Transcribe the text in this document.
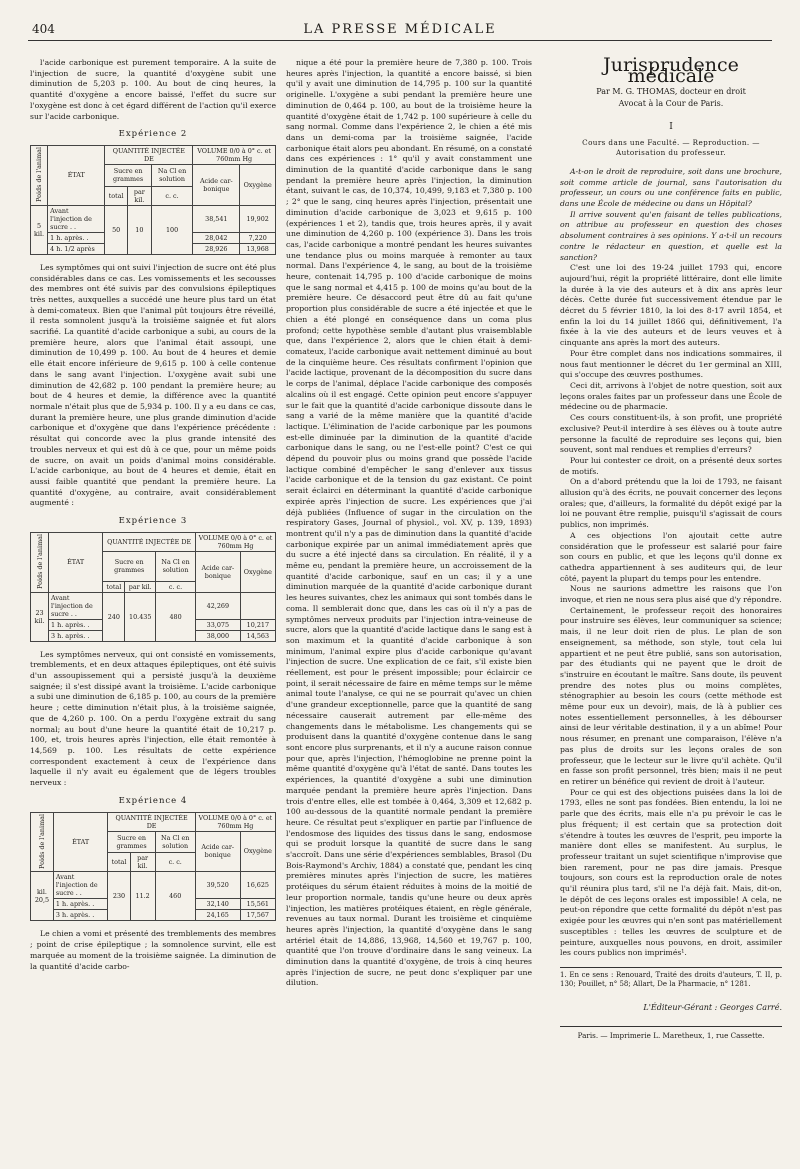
404	LA PRESSE MÉDICALE

l'acide carbonique est purement temporaire. A la suite de l'injection de sucre, la quantité d'oxygène subit une diminution de 5,203 p. 100. Au bout de cinq heures, la quantité d'oxygène a encore baissé, l'effet du sucre sur l'oxygène est donc à cet égard différent de l'action qu'il exerce sur l'acide carbonique.

Expérience 2
Poids de l'animal	ÉTAT	QUANTITÉ INJECTÉE DE			VOLUME 0/0 à 0° c. et 760mm Hg	
		Sucre en grammes		Na Cl en solution	Acide car-bonique	Oxygène
		total	par kil.	c. c.		
5 kil.	Avant l'injection de sucre . .	50	10	100	38,541	19,902
	1 h. après. .				28,042	7,220
	4 h. 1/2 après				28,926	13,968

Les symptômes qui ont suivi l'injection de sucre ont été plus considérables dans ce cas. Les vomissements et les secousses des membres ont été suivis par des convulsions épileptiques très nettes, auxquelles a succédé une heure plus tard un état à demi-comateux. Bien que l'animal pût toujours être réveillé, il resta somnolent jusqu'à la troisième saignée et fut alors sacrifié. La quantité d'acide carbonique a subi, au cours de la première heure, alors que l'animal était assoupi, une diminution de 10,499 p. 100. Au bout de 4 heures et demie elle était encore inférieure de 9,615 p. 100 à celle contenue dans le sang avant l'injection. L'oxygène avait subi une diminution de 42,682 p. 100 pendant la première heure; au bout de 4 heures et demie, la différence avec la quantité normale n'était plus que de 5,934 p. 100. Il y a eu dans ce cas, durant la première heure, une plus grande diminution d'acide carbonique et d'oxygène que dans l'expérience précédente : résultat qui concorde avec la plus grande intensité des troubles nerveux et qui est dû à ce que, pour un même poids de sucre, on avait un poids d'animal moins considérable. L'acide carbonique, au bout de 4 heures et demie, était en aussi faible quantité que pendant la première heure. La quantité d'oxygène, au contraire, avait considérablement augmenté :

Expérience 3
Poids de l'animal	ÉTAT	QUANTITÉ INJECTÉE DE			VOLUME 0/0 à 0° c. et 760mm Hg	
		Sucre en grammes		Na Cl en solution	Acide car-bonique	Oxygène
		total	par kil.	c. c.		
23 kil.	Avant l'injection de sucre . .	240	10.435	480	42,269	
	1 h. après. .				33,075	10,217
	3 h. après. .				38,000	14,563

Les symptômes nerveux, qui ont consisté en vomissements, tremblements, et en deux attaques épileptiques, ont été suivis d'un assoupissement qui a persisté jusqu'à la deuxième saignée; il s'est dissipé avant la troisième. L'acide carbonique a subi une diminution de 6,185 p. 100, au cours de la première heure ; cette diminution n'était plus, à la troisième saignée, que de 4,260 p. 100. On a perdu l'oxygène extrait du sang normal; au bout d'une heure la quantité était de 10,217 p. 100, et, trois heures après l'injection, elle était remontée à 14,569 p. 100. Les résultats de cette expérience correspondent exactement à ceux de l'expérience dans laquelle il n'y avait eu également que de légers troubles nerveux :

Expérience 4
Poids de l'animal	ÉTAT	QUANTITÉ INJECTÉE DE			VOLUME 0/0 à 0° c. et 760mm Hg	
		Sucre en grammes		Na Cl en solution	Acide car-bonique	Oxygène
		total	par kil.	c. c.		
kil. 20,5	Avant l'injection de sucre . .	230	11.2	460	39,520	16,625
	1 h. après. .				32,140	15,561
	3 h. après. .				24,165	17,567

Le chien a vomi et présenté des tremblements des membres ; point de crise épileptique ; la somnolence survint, elle est marquée au moment de la troisième saignée. La diminution de la quantité d'acide carbo-

nique a été pour la première heure de 7,380 p. 100. Trois heures après l'injection, la quantité a encore baissé, si bien qu'il y avait une diminution de 14,795 p. 100 sur la quantité originelle. L'oxygène a subi pendant la première heure une diminution de 0,464 p. 100, au bout de la troisième heure la quantité d'oxygène était de 1,742 p. 100 supérieure à celle du sang normal. Comme dans l'expérience 2, le chien a été mis dans un demi-coma par la troisième saignée, l'acide carbonique était alors peu abondant. En résumé, on a constaté dans ces expériences : 1° qu'il y avait constamment une diminution de la quantité d'acide carbonique dans le sang pendant la première heure après l'injection, la diminution étant, suivant le cas, de 10,374, 10,499, 9,183 et 7,380 p. 100 ; 2° que le sang, cinq heures après l'injection, présentait une diminution d'acide carbonique de 3,023 et 9,615 p. 100 (expériences 1 et 2), tandis que, trois heures après, il y avait une diminution de 4,260 p. 100 (expérience 3). Dans les trois cas, l'acide carbonique a montré pendant les heures suivantes une tendance plus ou moins marquée à remonter au taux normal. Dans l'expérience 4, le sang, au bout de la troisième heure, contenait 14,795 p. 100 d'acide carbonique de moins que le sang normal et 4,415 p. 100 de moins qu'au bout de la première heure. Ce désaccord peut être dû au fait qu'une proportion plus considérable de sucre a été injectée et que le chien a été plongé en conséquence dans un coma plus profond; cette hypothèse semble d'autant plus vraisemblable que, dans l'expérience 2, alors que le chien était à demi-comateux, l'acide carbonique avait nettement diminué au bout de la cinquième heure. Ces résultats confirment l'opinion que l'acide lactique, provenant de la décomposition du sucre dans le corps de l'animal, déplace l'acide carbonique des composés alcalins où il est engagé. Cette opinion peut encore s'appuyer sur le fait que la quantité d'acide carbonique dissoute dans le sang a varié de la même manière que la quantité d'acide lactique. L'élimination de l'acide carbonique par les poumons est-elle diminuée par la diminution de la quantité d'acide carbonique dans le sang, ou ne l'est-elle point? C'est ce qui dépend du pouvoir plus ou moins grand que possède l'acide lactique combiné d'empêcher le sang d'enlever aux tissus l'acide carbonique et de la tension du gaz existant. Ce point serait éclairci en déterminant la quantité d'acide carbonique expirée après l'injection de sucre. Les expériences que j'ai déjà publiées (Influence of sugar in the circulation on the respiratory Gases, Journal of physiol., vol. XV, p. 139, 1893) montrent qu'il n'y a pas de diminution dans la quantité d'acide carbonique expirée par un animal immédiatement après que du sucre a été injecté dans sa circulation. En réalité, il y a même eu, pendant la première heure, un accroissement de la quantité d'acide carbonique, sauf en un cas; il y a une diminution marquée de la quantité d'acide carbonique durant les heures suivantes, chez les animaux qui sont tombés dans le coma. Il semblerait donc que, dans les cas où il n'y a pas de symptômes nerveux produits par l'injection intra-veineuse de sucre, alors que la quantité d'acide lactique dans le sang est à son maximum et la quantité d'acide carbonique à son minimum, l'animal expire plus d'acide carbonique qu'avant l'injection de sucre. Une explication de ce fait, s'il existe bien réellement, est pour le présent impossible; pour éclaircir ce point, il serait nécessaire de faire en même temps sur le même animal toute l'analyse, ce qui ne se pourrait qu'avec un chien d'une grandeur exceptionnelle, parce que la quantité de sang nécessaire causerait autrement par elle-même des changements dans le métabolisme. Les changements qui se produisent dans la quantité d'oxygène contenue dans le sang sont encore plus surprenants, et il n'y a aucune raison connue pour que, après l'injection, l'hémoglobine ne prenne point la même quantité d'oxygène qu'à l'état de santé. Dans toutes les expériences, la quantité d'oxygène a subi une diminution marquée pendant la première heure après l'injection. Dans trois d'entre elles, elle est tombée à 0,464, 3,309 et 12,682 p. 100 au-dessous de la quantité normale pendant la première heure. Ce résultat peut s'expliquer en partie par l'influence de l'endosmose des liquides des tissus dans le sang, endosmose qui se produit lorsque la quantité de sucre dans le sang s'accroît. Dans une série d'expériences semblables, Brasol (Du Bois-Raymond's Archiv, 1884) a constaté que, pendant les cinq premières minutes après l'injection de sucre, les matières protéiques du sérum étaient réduites à moins de la moitié de leur proportion normale, tandis qu'une heure ou deux après l'injection, les matières protéiques étaient, en règle générale, revenues au taux normal. Durant les troisième et cinquième heures après l'injection, la quantité d'oxygène dans le sang artériel était de 14,886, 13,968, 14,560 et 19,767 p. 100, quantité que l'on trouve d'ordinaire dans le sang veineux. La diminution dans la quantité d'oxygène, de trois à cinq heures après l'injection de sucre, ne peut donc s'expliquer par une dilution.

Jurisprudence médicale
Par M. G. THOMAS, docteur en droit
Avocat à la Cour de Paris.
I
Cours dans une Faculté. — Reproduction. — Autorisation du professeur.

A-t-on le droit de reproduire, soit dans une brochure, soit comme article de journal, sans l'autorisation du professeur, un cours ou une conférence faits en public, dans une École de médecine ou dans un Hôpital?

Il arrive souvent qu'en faisant de telles publications, on attribue au professeur en question des choses absolument contraires à ses opinions. Y a-t-il un recours contre le rédacteur en question, et quelle est la sanction?

C'est une loi des 19-24 juillet 1793 qui, encore aujourd'hui, régit la propriété littéraire, dont elle limite la durée à la vie des auteurs et à dix ans après leur décès. Cette durée fut successivement étendue par le décret du 5 février 1810, la loi des 8-17 avril 1854, et enfin la loi du 14 juillet 1866 qui, définitivement, l'a fixée à la vie des auteurs et de leurs veuves et à cinquante ans après la mort des auteurs.

Pour être complet dans nos indications sommaires, il nous faut mentionner le décret du 1er germinal an XIII, qui s'occupe des œuvres posthumes.

Ceci dit, arrivons à l'objet de notre question, soit aux leçons orales faites par un professeur dans une École de médecine ou de pharmacie.

Ces cours constituent-ils, à son profit, une propriété exclusive? Peut-il interdire à ses élèves ou à toute autre personne la faculté de reproduire ses leçons qui, bien souvent, sont mal rendues et remplies d'erreurs?

Pour lui contester ce droit, on a présenté deux sortes de motifs.

On a d'abord prétendu que la loi de 1793, ne faisant allusion qu'à des écrits, ne pouvait concerner des leçons orales; que, d'ailleurs, la formalité du dépôt exigé par la loi ne pouvant être remplie, puisqu'il s'agissait de cours publics, non imprimés.

A ces objections l'on ajoutait cette autre considération que le professeur est salarié pour faire son cours en public, et que les leçons qu'il donne ex cathedra appartiennent à ses auditeurs qui, de leur côté, payent la plupart du temps pour les entendre.

Nous ne saurions admettre les raisons que l'on invoque, et rien ne nous sera plus aisé que d'y répondre.

Certainement, le professeur reçoit des honoraires pour instruire ses élèves, leur communiquer sa science; mais, il ne leur doit rien de plus. Le plan de son enseignement, sa méthode, son style, tout cela lui appartient et ne peut être publié, sans son autorisation, par des étudiants qui ne payent que le droit de s'instruire en écoutant le maître. Sans doute, ils peuvent prendre des notes plus ou moins complètes, sténographier au besoin les cours (cette méthode est même pour eux un devoir), mais, de là à publier ces notes essentiellement personnelles, à les débourser ainsi de leur véritable destination, il y a un abîme! Pour nous résumer, en prenant une comparaison, l'élève n'a pas plus de droits sur les leçons orales de son professeur, que le lecteur sur le livre qu'il achète. Qu'il en fasse son profit personnel, très bien; mais il ne peut en retirer un bénéfice qui revient de droit à l'auteur.

Pour ce qui est des objections puisées dans la loi de 1793, elles ne sont pas fondées. Bien entendu, la loi ne parle que des écrits, mais elle n'a pu prévoir le cas le plus fréquent; il est certain que sa protection doit s'étendre à toutes les œuvres de l'esprit, peu importe la manière dont elles se manifestent. Au surplus, le professeur traitant un sujet scientifique n'improvise que bien rarement, pour ne pas dire jamais. Presque toujours, son cours est la reproduction orale de notes qu'il réunira plus tard, s'il ne l'a déjà fait. Mais, dit-on, le dépôt de ces leçons orales est impossible! A cela, ne peut-on répondre que cette formalité du dépôt n'est pas exigée pour les œuvres qui n'en sont pas matériellement susceptibles : telles les œuvres de sculpture et de peinture, auxquelles nous pouvons, en droit, assimiler les cours publics non imprimés¹.

1. En ce sens : Renouard, Traité des droits d'auteurs, T. II, p. 130; Pouillet, n° 58; Allart, De la Pharmacie, n° 1281.
L'Éditeur-Gérant : Georges Carré.
Paris. — Imprimerie L. Maretheux, 1, rue Cassette.
